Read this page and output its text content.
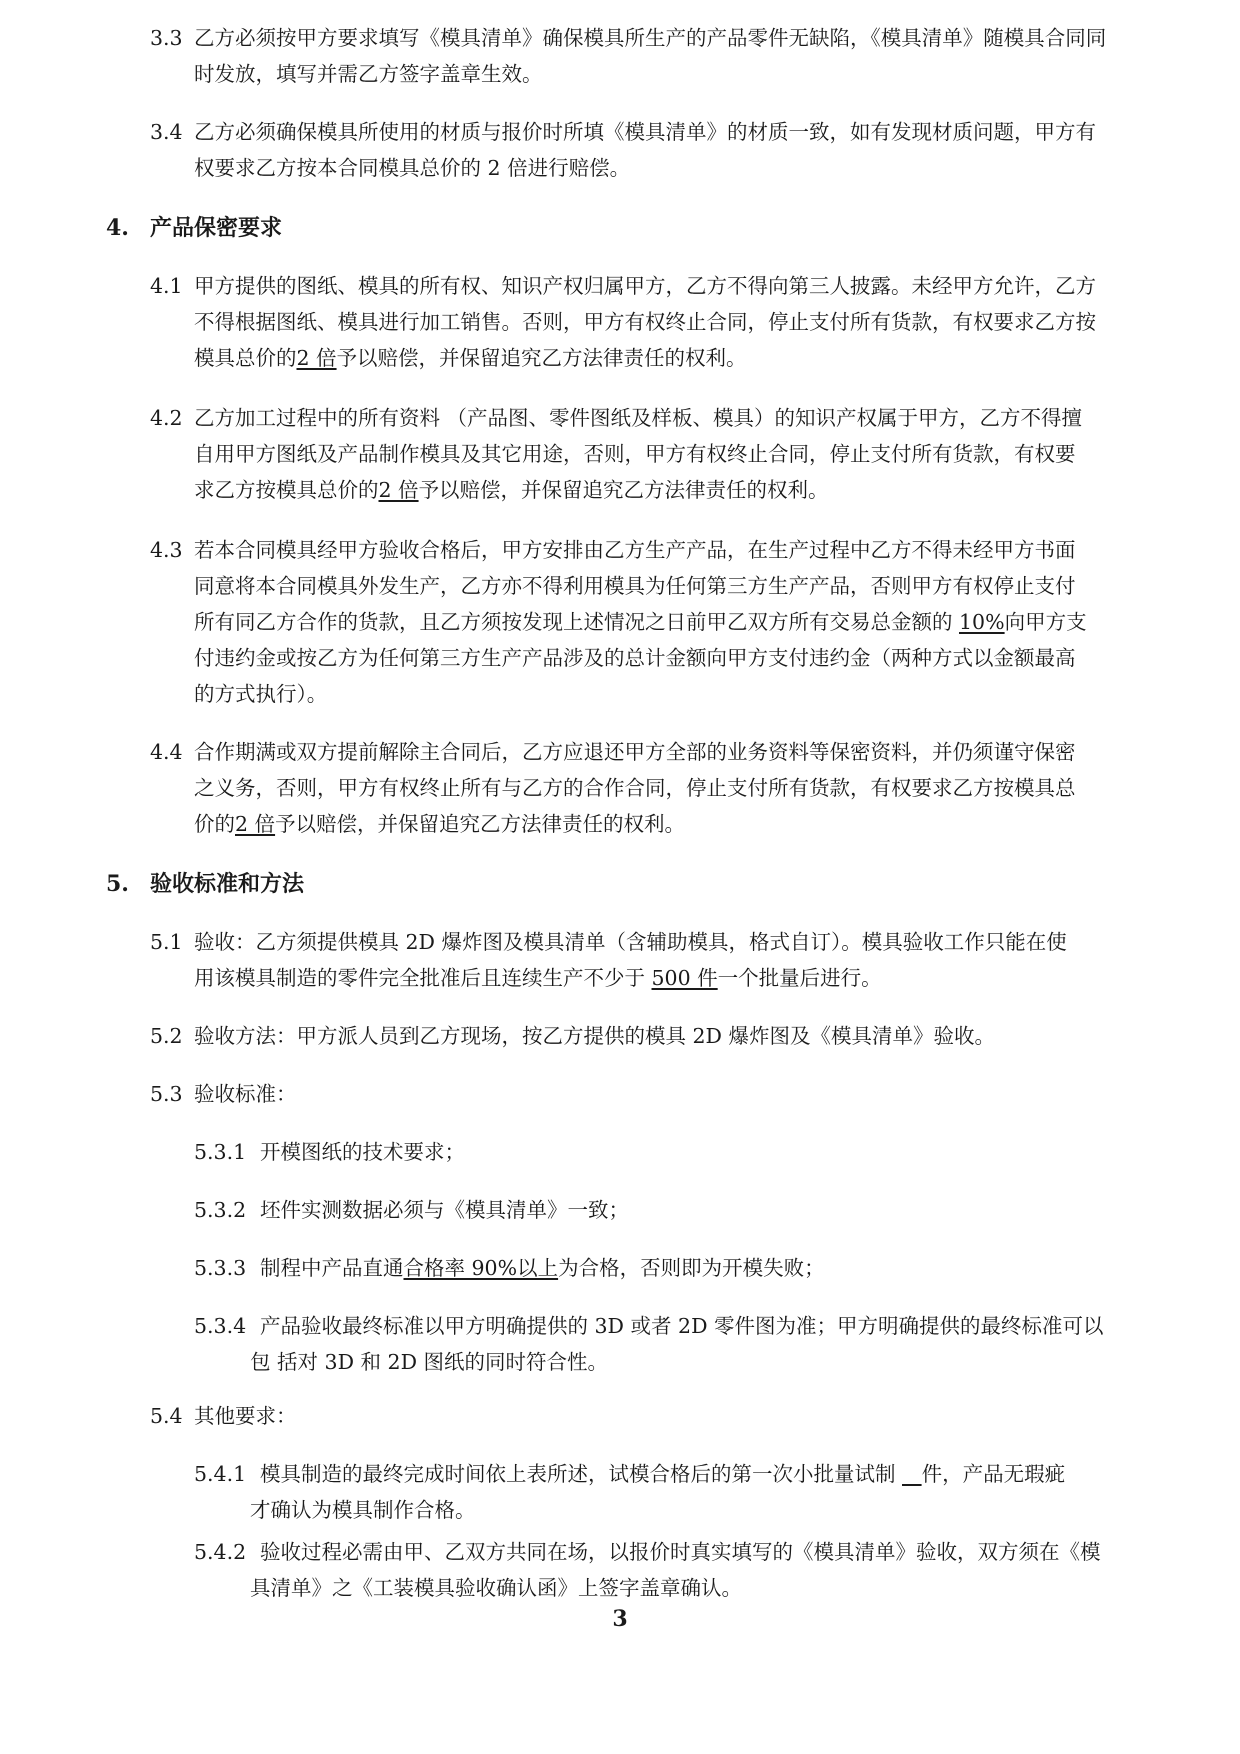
3.3 乙方必须按甲方要求填写《模具清单》确保模具所生产的产品零件无缺陷，《模具清单》随模具合同同
时发放，填写并需乙方签字盖章生效。
3.4 乙方必须确保模具所使用的材质与报价时所填《模具清单》的材质一致，如有发现材质问题，甲方有
权要求乙方按本合同模具总价的 2 倍进行赔偿。
4. 产品保密要求
4.1 甲方提供的图纸、模具的所有权、知识产权归属甲方，乙方不得向第三人披露。未经甲方允许，乙方
不得根据图纸、模具进行加工销售。否则，甲方有权终止合同，停止支付所有货款，有权要求乙方按
模具总价的2 倍予以赔偿，并保留追究乙方法律责任的权利。
4.2 乙方加工过程中的所有资料 （产品图、零件图纸及样板、模具）的知识产权属于甲方，乙方不得擅
自用甲方图纸及产品制作模具及其它用途，否则，甲方有权终止合同，停止支付所有货款，有权要
求乙方按模具总价的2 倍予以赔偿，并保留追究乙方法律责任的权利。
4.3 若本合同模具经甲方验收合格后，甲方安排由乙方生产产品，在生产过程中乙方不得未经甲方书面
同意将本合同模具外发生产，乙方亦不得利用模具为任何第三方生产产品，否则甲方有权停止支付
所有同乙方合作的货款，且乙方须按发现上述情况之日前甲乙双方所有交易总金额的 10%向甲方支
付违约金或按乙方为任何第三方生产产品涉及的总计金额向甲方支付违约金（两种方式以金额最高
的方式执行）。
4.4 合作期满或双方提前解除主合同后，乙方应退还甲方全部的业务资料等保密资料，并仍须谨守保密
之义务，否则，甲方有权终止所有与乙方的合作合同，停止支付所有货款，有权要求乙方按模具总
价的2 倍予以赔偿，并保留追究乙方法律责任的权利。
5. 验收标准和方法
5.1 验收：乙方须提供模具 2D 爆炸图及模具清单（含辅助模具，格式自订）。模具验收工作只能在使
用该模具制造的零件完全批准后且连续生产不少于 500 件一个批量后进行。
5.2 验收方法：甲方派人员到乙方现场，按乙方提供的模具 2D 爆炸图及《模具清单》验收。
5.3 验收标准：
5.3.1 开模图纸的技术要求；
5.3.2 坯件实测数据必须与《模具清单》一致；
5.3.3 制程中产品直通合格率 90%以上为合格，否则即为开模失败；
5.3.4 产品验收最终标准以甲方明确提供的 3D 或者 2D 零件图为准；甲方明确提供的最终标准可以
包 括对 3D 和 2D 图纸的同时符合性。
5.4 其他要求：
5.4.1 模具制造的最终完成时间依上表所述，试模合格后的第一次小批量试制    件，产品无瑕疵
才确认为模具制作合格。
5.4.2 验收过程必需由甲、乙双方共同在场，以报价时真实填写的《模具清单》验收，双方须在《模
具清单》之《工装模具验收确认函》上签字盖章确认。
3
